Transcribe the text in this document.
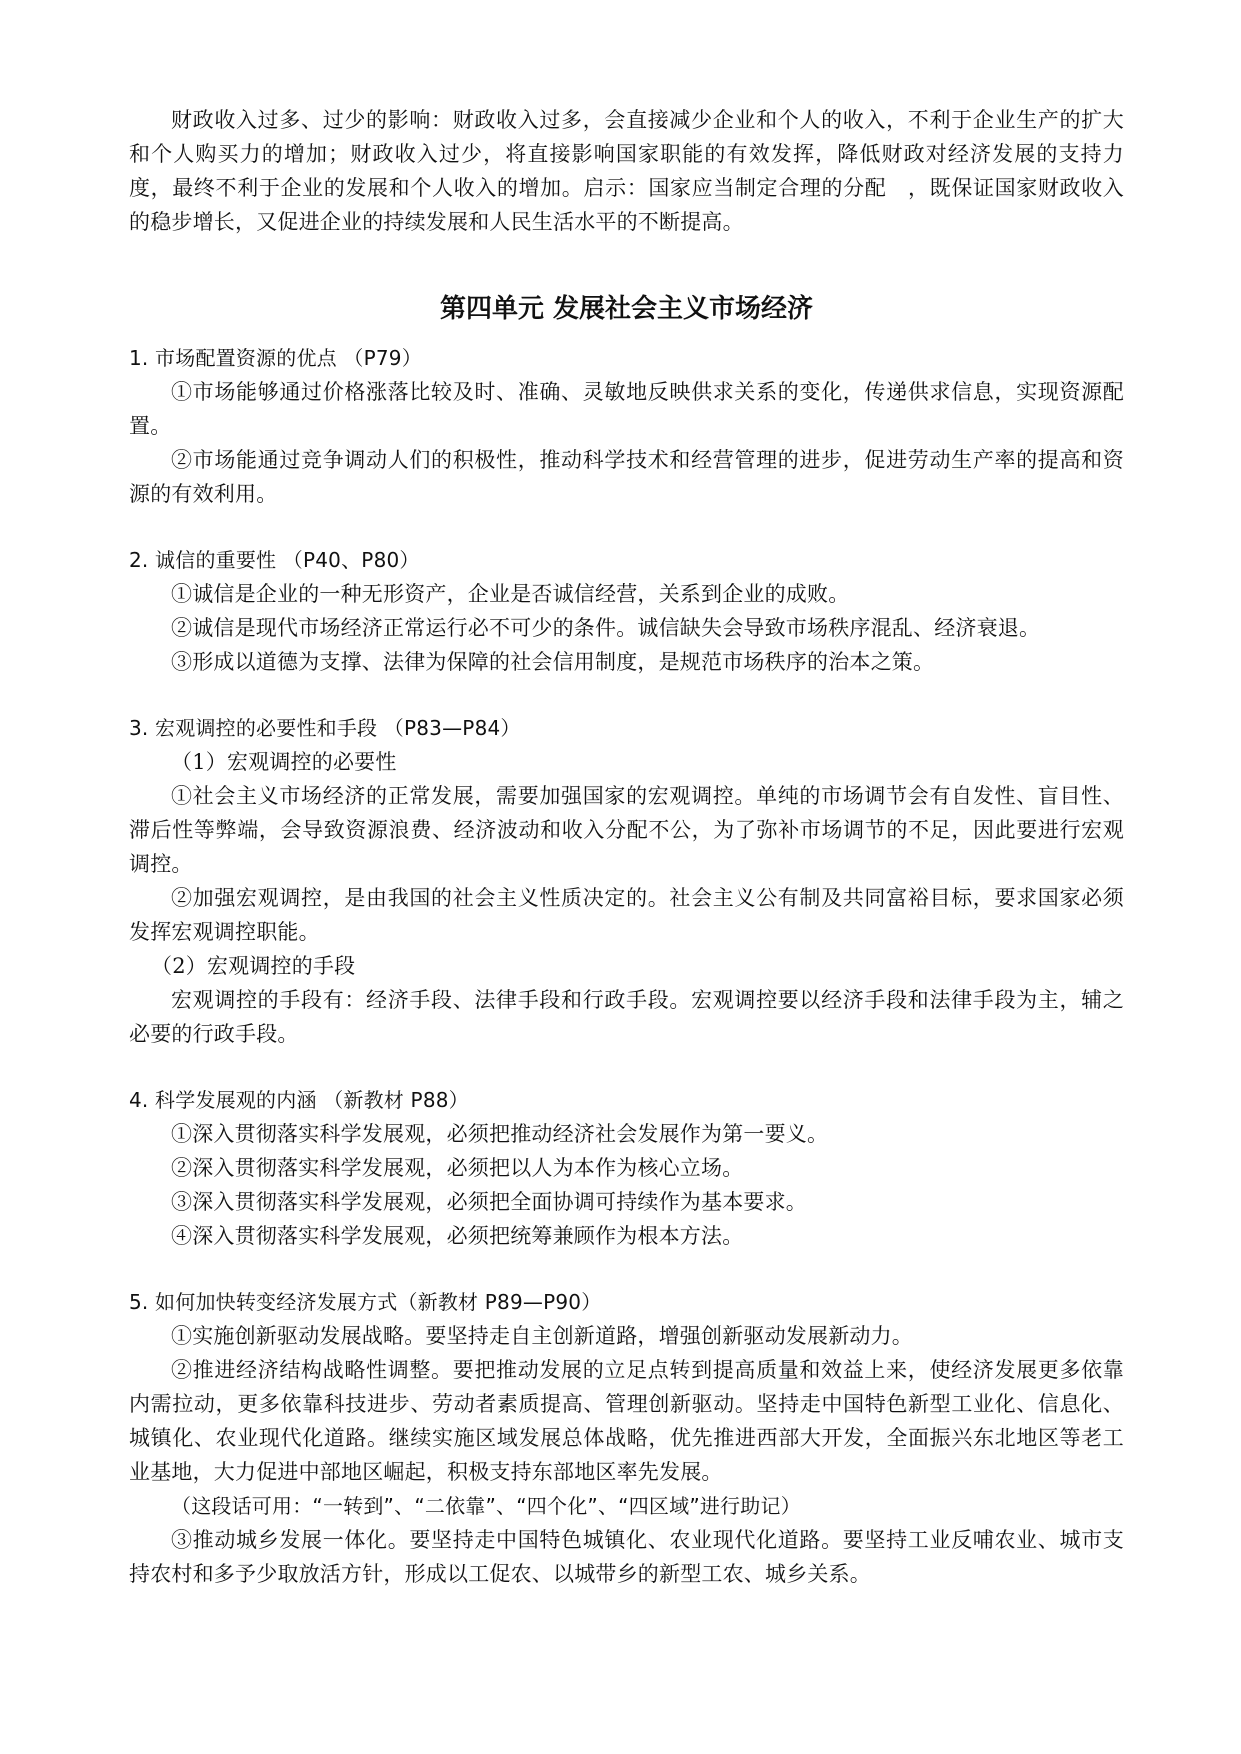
财政收入过多、过少的影响：财政收入过多，会直接减少企业和个人的收入，不利于企业生产的扩大和个人购买力的增加；财政收入过少，将直接影响国家职能的有效发挥，降低财政对经济发展的支持力度，最终不利于企业的发展和个人收入的增加。启示：国家应当制定合理的分配　，既保证国家财政收入的稳步增长，又促进企业的持续发展和人民生活水平的不断提高。

第四单元 发展社会主义市场经济

1. 市场配置资源的优点 （P79）

①市场能够通过价格涨落比较及时、准确、灵敏地反映供求关系的变化，传递供求信息，实现资源配置。

②市场能通过竞争调动人们的积极性，推动科学技术和经营管理的进步，促进劳动生产率的提高和资源的有效利用。

2. 诚信的重要性 （P40、P80）

①诚信是企业的一种无形资产，企业是否诚信经营，关系到企业的成败。

②诚信是现代市场经济正常运行必不可少的条件。诚信缺失会导致市场秩序混乱、经济衰退。

③形成以道德为支撑、法律为保障的社会信用制度，是规范市场秩序的治本之策。

3. 宏观调控的必要性和手段 （P83—P84）

（1）宏观调控的必要性

①社会主义市场经济的正常发展，需要加强国家的宏观调控。单纯的市场调节会有自发性、盲目性、滞后性等弊端，会导致资源浪费、经济波动和收入分配不公，为了弥补市场调节的不足，因此要进行宏观调控。

②加强宏观调控，是由我国的社会主义性质决定的。社会主义公有制及共同富裕目标，要求国家必须发挥宏观调控职能。

（2）宏观调控的手段

宏观调控的手段有：经济手段、法律手段和行政手段。宏观调控要以经济手段和法律手段为主，辅之必要的行政手段。

4. 科学发展观的内涵 （新教材 P88）

①深入贯彻落实科学发展观，必须把推动经济社会发展作为第一要义。

②深入贯彻落实科学发展观，必须把以人为本作为核心立场。

③深入贯彻落实科学发展观，必须把全面协调可持续作为基本要求。

④深入贯彻落实科学发展观，必须把统筹兼顾作为根本方法。

5. 如何加快转变经济发展方式（新教材 P89—P90）

①实施创新驱动发展战略。要坚持走自主创新道路，增强创新驱动发展新动力。

②推进经济结构战略性调整。要把推动发展的立足点转到提高质量和效益上来，使经济发展更多依靠内需拉动，更多依靠科技进步、劳动者素质提高、管理创新驱动。坚持走中国特色新型工业化、信息化、城镇化、农业现代化道路。继续实施区域发展总体战略，优先推进西部大开发，全面振兴东北地区等老工业基地，大力促进中部地区崛起，积极支持东部地区率先发展。

（这段话可用：“一转到”、“二依靠”、“四个化”、“四区域”进行助记）

③推动城乡发展一体化。要坚持走中国特色城镇化、农业现代化道路。要坚持工业反哺农业、城市支持农村和多予少取放活方针，形成以工促农、以城带乡的新型工农、城乡关系。
